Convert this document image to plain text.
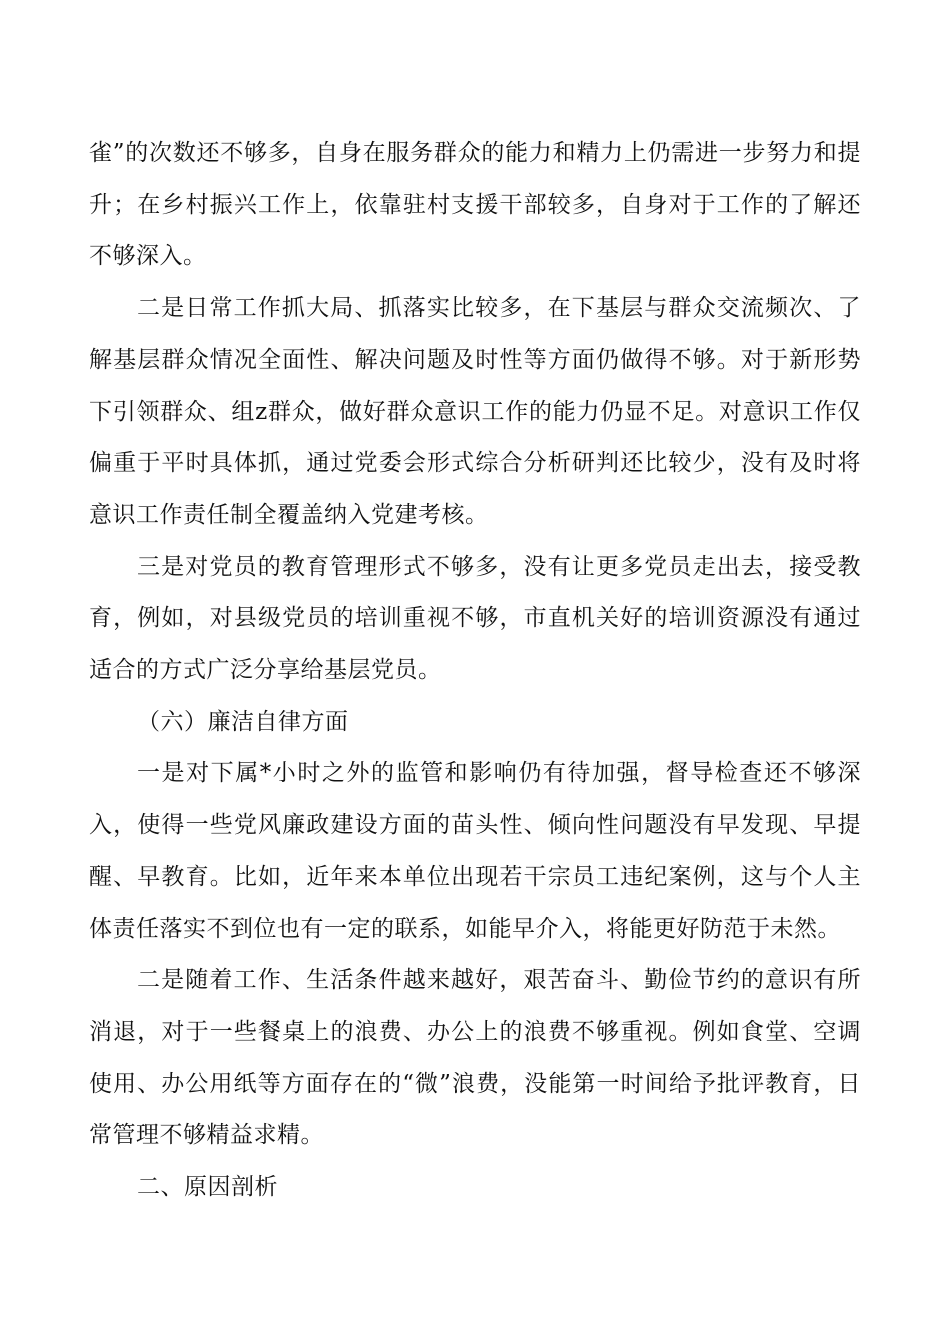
雀”的次数还不够多，自身在服务群众的能力和精力上仍需进一步努力和提升；在乡村振兴工作上，依靠驻村支援干部较多，自身对于工作的了解还不够深入。

二是日常工作抓大局、抓落实比较多，在下基层与群众交流频次、了解基层群众情况全面性、解决问题及时性等方面仍做得不够。对于新形势下引领群众、组z群众，做好群众意识工作的能力仍显不足。对意识工作仅偏重于平时具体抓，通过党委会形式综合分析研判还比较少，没有及时将意识工作责任制全覆盖纳入党建考核。

三是对党员的教育管理形式不够多，没有让更多党员走出去，接受教育，例如，对县级党员的培训重视不够，市直机关好的培训资源没有通过适合的方式广泛分享给基层党员。

（六）廉洁自律方面

一是对下属*小时之外的监管和影响仍有待加强，督导检查还不够深入，使得一些党风廉政建设方面的苗头性、倾向性问题没有早发现、早提醒、早教育。比如，近年来本单位出现若干宗员工违纪案例，这与个人主体责任落实不到位也有一定的联系，如能早介入，将能更好防范于未然。

二是随着工作、生活条件越来越好，艰苦奋斗、勤俭节约的意识有所消退，对于一些餐桌上的浪费、办公上的浪费不够重视。例如食堂、空调使用、办公用纸等方面存在的“微”浪费，没能第一时间给予批评教育，日常管理不够精益求精。

二、原因剖析
